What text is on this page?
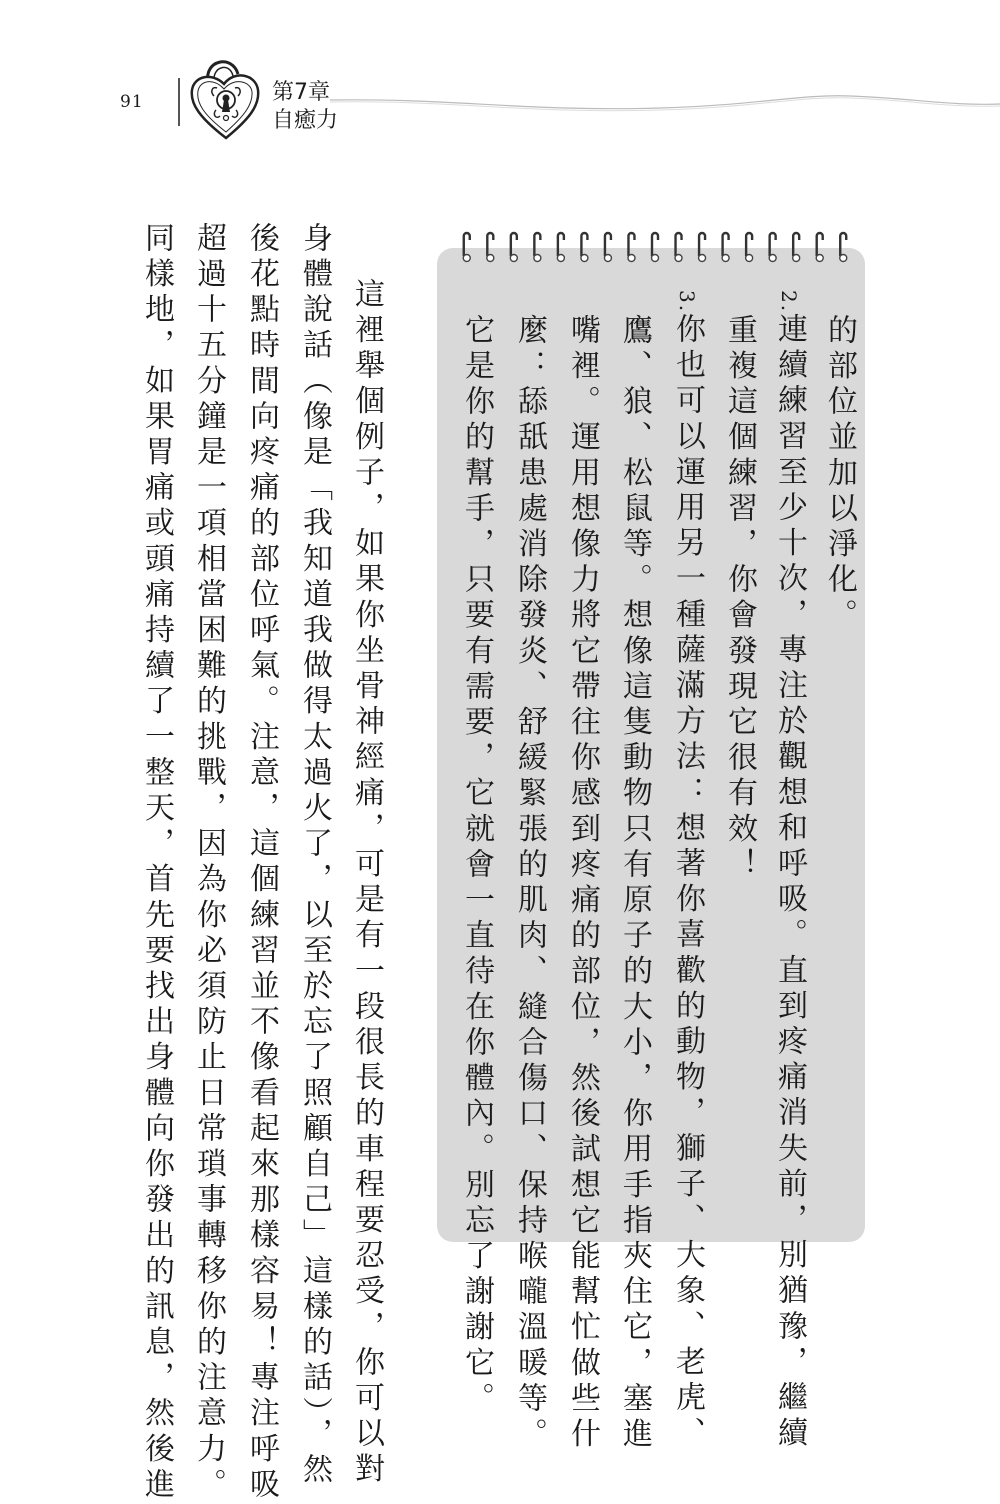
91	第7章
自癒力
的部位並加以淨化。
2.連續練習至少十次，專注於觀想和呼吸。直到疼痛消失前，別猶豫，繼續
重複這個練習，你會發現它很有效！
3.你也可以運用另一種薩滿方法：想著你喜歡的動物，獅子、大象、老虎、
鷹、狼、松鼠等。想像這隻動物只有原子的大小，你用手指夾住它，塞進
嘴裡。運用想像力將它帶往你感到疼痛的部位，然後試想它能幫忙做些什
麼：舔舐患處消除發炎、舒緩緊張的肌肉、縫合傷口、保持喉嚨溫暖等。
它是你的幫手，只要有需要，它就會一直待在你體內。別忘了謝謝它。
這裡舉個例子，如果你坐骨神經痛，可是有一段很長的車程要忍受，你可以對
身體說話（像是「我知道我做得太過火了，以至於忘了照顧自己」這樣的話），然
後花點時間向疼痛的部位呼氣。注意，這個練習並不像看起來那樣容易！專注呼吸
超過十五分鐘是一項相當困難的挑戰，因為你必須防止日常瑣事轉移你的注意力。
同樣地，如果胃痛或頭痛持續了一整天，首先要找出身體向你發出的訊息，然後進
